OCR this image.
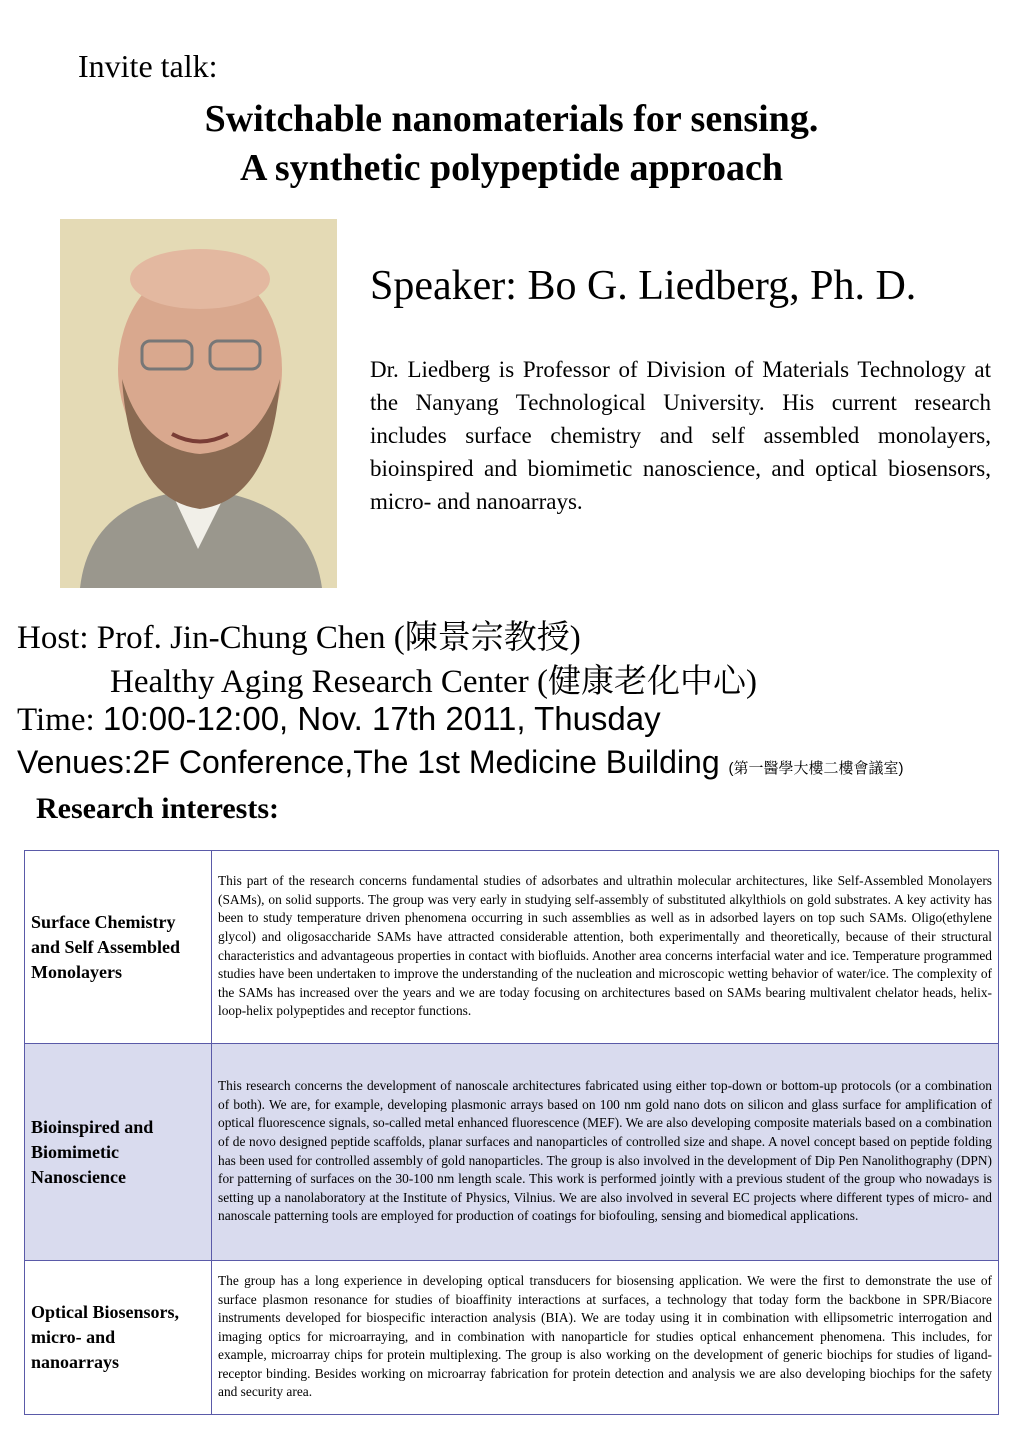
Invite talk:
Switchable nanomaterials for sensing.
A synthetic polypeptide approach
Speaker: Bo G. Liedberg, Ph. D.
Dr. Liedberg is Professor of Division of Materials Technology at the Nanyang Technological University. His current research includes surface chemistry and self assembled monolayers, bioinspired and biomimetic nanoscience, and optical biosensors, micro- and nanoarrays.
Host: Prof. Jin-Chung Chen (陳景宗教授)
Healthy Aging Research Center (健康老化中心)
Time: 10:00-12:00, Nov. 17th 2011, Thusday
Venues:2F Conference,The 1st Medicine Building (第一醫學大樓二樓會議室)
Research interests:
Surface Chemistry and Self Assembled Monolayers	This part of the research concerns fundamental studies of adsorbates and ultrathin molecular architectures, like Self-Assembled Monolayers (SAMs), on solid supports. The group was very early in studying self-assembly of substituted alkylthiols on gold substrates. A key activity has been to study temperature driven phenomena occurring in such assemblies as well as in adsorbed layers on top such SAMs. Oligo(ethylene glycol) and oligosaccharide SAMs have attracted considerable attention, both experimentally and theoretically, because of their structural characteristics and advantageous properties in contact with biofluids. Another area concerns interfacial water and ice. Temperature programmed studies have been undertaken to improve the understanding of the nucleation and microscopic wetting behavior of water/ice. The complexity of the SAMs has increased over the years and we are today focusing on architectures based on SAMs bearing multivalent chelator heads, helix-loop-helix polypeptides and receptor functions.
Bioinspired and Biomimetic Nanoscience	This research concerns the development of nanoscale architectures fabricated using either top-down or bottom-up protocols (or a combination of both). We are, for example, developing plasmonic arrays based on 100 nm gold nano dots on silicon and glass surface for amplification of optical fluorescence signals, so-called metal enhanced fluorescence (MEF). We are also developing composite materials based on a combination of de novo designed peptide scaffolds, planar surfaces and nanoparticles of controlled size and shape. A novel concept based on peptide folding has been used for controlled assembly of gold nanoparticles. The group is also involved in the development of Dip Pen Nanolithography (DPN) for patterning of surfaces on the 30-100 nm length scale. This work is performed jointly with a previous student of the group who nowadays is setting up a nanolaboratory at the Institute of Physics, Vilnius. We are also involved in several EC projects where different types of micro- and nanoscale patterning tools are employed for production of coatings for biofouling, sensing and biomedical applications.
Optical Biosensors, micro- and nanoarrays	The group has a long experience in developing optical transducers for biosensing application. We were the first to demonstrate the use of surface plasmon resonance for studies of bioaffinity interactions at surfaces, a technology that today form the backbone in SPR/Biacore instruments developed for biospecific interaction analysis (BIA). We are today using it in combination with ellipsometric interrogation and imaging optics for microarraying, and in combination with nanoparticle for studies optical enhancement phenomena. This includes, for example, microarray chips for protein multiplexing. The group is also working on the development of generic biochips for studies of ligand-receptor binding. Besides working on microarray fabrication for protein detection and analysis we are also developing biochips for the safety and security area.
